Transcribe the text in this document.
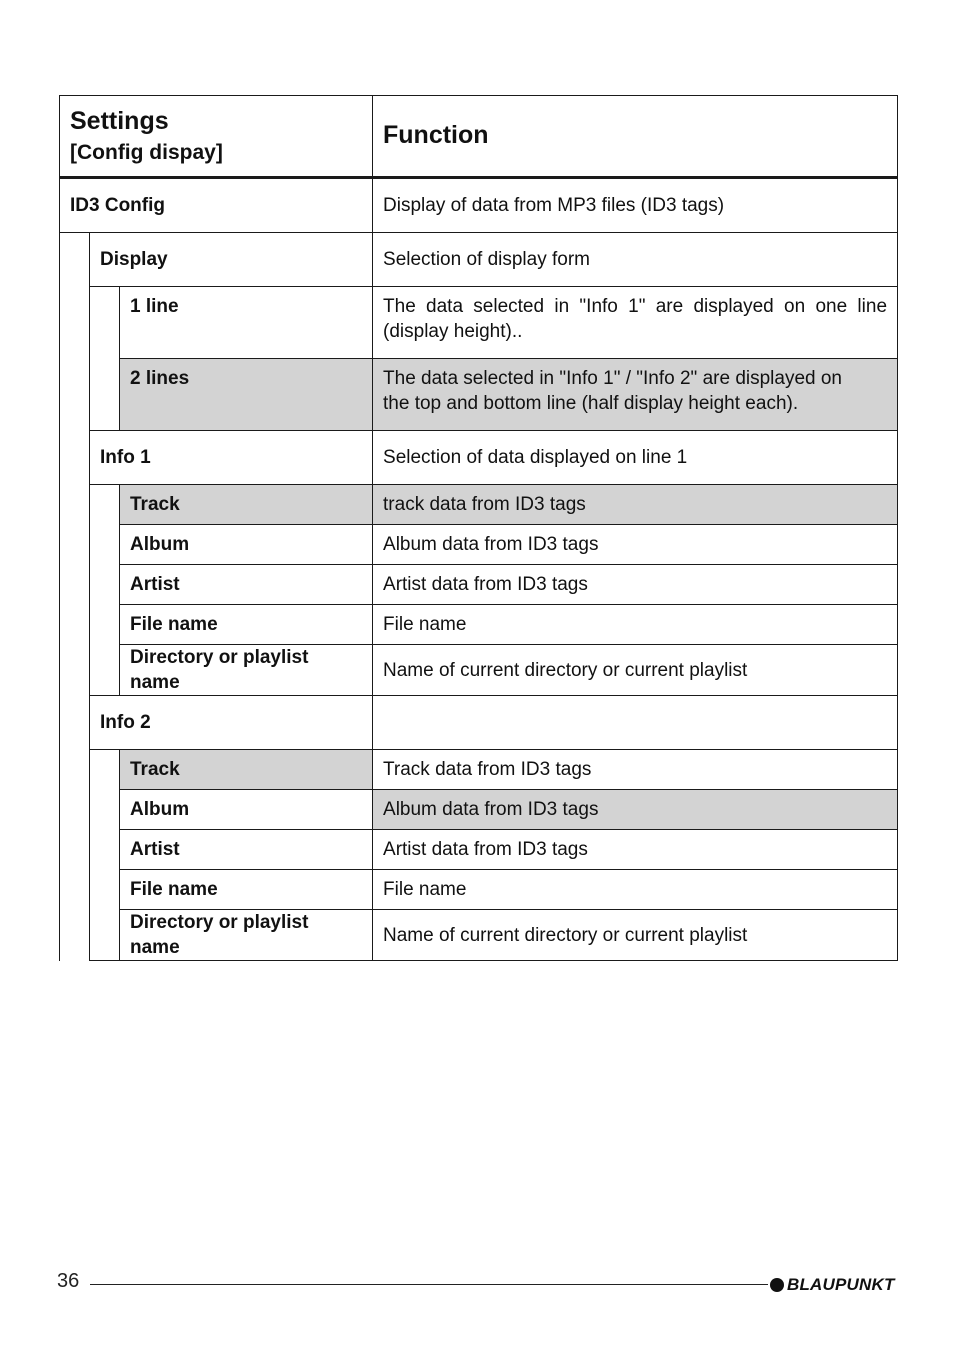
Settings
[Config dispay]			Function
ID3 Config			Display of data from MP3 files (ID3 tags)
	Display		Selection of display form
		1 line	The data selected in "Info 1" are displayed on one line (display height)..
		2 lines	The data selected in "Info 1" / "Info 2" are displayed on
the top and bottom line (half display height each).
	Info 1		Selection of data displayed on line 1
		Track	track data from ID3 tags
		Album	Album data from ID3 tags
		Artist	Artist data from ID3 tags
		File name	File name
		Directory or playlist name	Name of current directory or current playlist
	Info 2		
		Track	Track data from ID3 tags
		Album	Album data from ID3 tags
		Artist	Artist data from ID3 tags
		File name	File name
		Directory or playlist name	Name of current directory or current playlist
36	BLAUPUNKT
